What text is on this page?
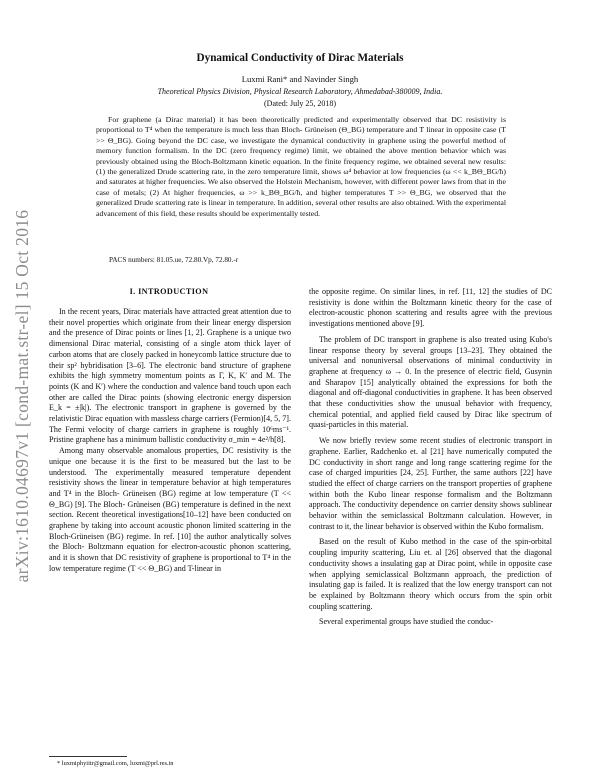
arXiv:1610.04697v1 [cond-mat.str-el] 15 Oct 2016
Dynamical Conductivity of Dirac Materials
Luxmi Rani* and Navinder Singh
Theoretical Physics Division, Physical Research Laboratory, Ahmedabad-380009, India.
(Dated: July 25, 2018)
For graphene (a Dirac material) it has been theoretically predicted and experimentally observed that DC resistivity is proportional to T⁴ when the temperature is much less than Bloch- Grüneisen (Θ_BG) temperature and T linear in opposite case (T >> Θ_BG). Going beyond the DC case, we investigate the dynamical conductivity in graphene using the powerful method of memory function formalism. In the DC (zero frequency regime) limit, we obtained the above mention behavior which was previously obtained using the Bloch-Boltzmann kinetic equation. In the finite frequency regime, we obtained several new results: (1) the generalized Drude scattering rate, in the zero temperature limit, shows ω⁴ behavior at low frequencies (ω << k_BΘ_BG/ħ) and saturates at higher frequencies. We also observed the Holstein Mechanism, however, with different power laws from that in the case of metals; (2) At higher frequencies, ω >> k_BΘ_BG/ħ, and higher temperatures T >> Θ_BG, we observed that the generalized Drude scattering rate is linear in temperature. In addition, several other results are also obtained. With the experimental advancement of this field, these results should be experimentally tested.
PACS numbers: 81.05.ue, 72.80.Vp, 72.80.-r
I. INTRODUCTION

In the recent years, Dirac materials have attracted great attention due to their novel properties which originate from their linear energy dispersion and the presence of Dirac points or lines [1, 2]. Graphene is a unique two dimensional Dirac material, consisting of a single atom thick layer of carbon atoms that are closely packed in honeycomb lattice structure due to their sp² hybridisation [3–6]. The electronic band structure of graphene exhibits the high symmetry momentum points as Γ, K, K′ and M. The points (K and K′) where the conduction and valence band touch upon each other are called the Dirac points (showing electronic energy dispersion E_k = ±|k|). The electronic transport in graphene is governed by the relativistic Dirac equation with massless charge carriers (Fermion)[4, 5, 7]. The Fermi velocity of charge carriers in graphene is roughly 10⁶ms⁻¹. Pristine graphene has a minimum ballistic conductivity σ_min = 4e²/h[8].

Among many observable anomalous properties, DC resistivity is the unique one because it is the first to be measured but the last to be understood. The experimentally measured temperature dependent resistivity shows the linear in temperature behavior at high temperatures and T⁴ in the Bloch- Grüneisen (BG) regime at low temperature (T << Θ_BG) [9]. The Bloch- Grüneisen (BG) temperature is defined in the next section. Recent theoretical investigations[10–12] have been conducted on graphene by taking into account acoustic phonon limited scattering in the Bloch-Grüneisen (BG) regime. In ref. [10] the author analytically solves the Bloch- Boltzmann equation for electron-acoustic phonon scattering, and it is shown that DC resistivity of graphene is proportional to T⁴ in the low temperature regime (T << Θ_BG) and T-linear in

the opposite regime. On similar lines, in ref. [11, 12] the studies of DC resistivity is done within the Boltzmann kinetic theory for the case of electron-acoustic phonon scattering and results agree with the previous investigations mentioned above [9].

The problem of DC transport in graphene is also treated using Kubo's linear response theory by several groups [13–23]. They obtained the universal and nonuniversal observations of minimal conductivity in graphene at frequency ω → 0. In the presence of electric field, Gusynin and Sharapov [15] analytically obtained the expressions for both the diagonal and off-diagonal conductivities in graphene. It has been observed that these conductivities show the unusual behavior with frequency, chemical potential, and applied field caused by Dirac like spectrum of quasi-particles in this material.

We now briefly review some recent studies of electronic transport in graphene. Earlier, Radchenko et. al [21] have numerically computed the DC conductivity in short range and long range scattering regime for the case of charged impurities [24, 25]. Further, the same authors [22] have studied the effect of charge carriers on the transport properties of graphene within both the Kubo linear response formalism and the Boltzmann approach. The conductivity dependence on carrier density shows sublinear behavior within the semiclassical Boltzmann calculation. However, in contrast to it, the linear behavior is observed within the Kubo formalism.

Based on the result of Kubo method in the case of the spin-orbital coupling impurity scattering, Liu et. al [26] observed that the diagonal conductivity shows a insulating gap at Dirac point, while in opposite case when applying semiclassical Boltzmann approach, the prediction of insulating gap is failed. It is realized that the low energy transport can not be explained by Boltzmann theory which occurs from the spin orbit coupling scattering.

Several experimental groups have studied the conduc-

* luxmiphyiitr@gmail.com, luxmi@prl.res.in
